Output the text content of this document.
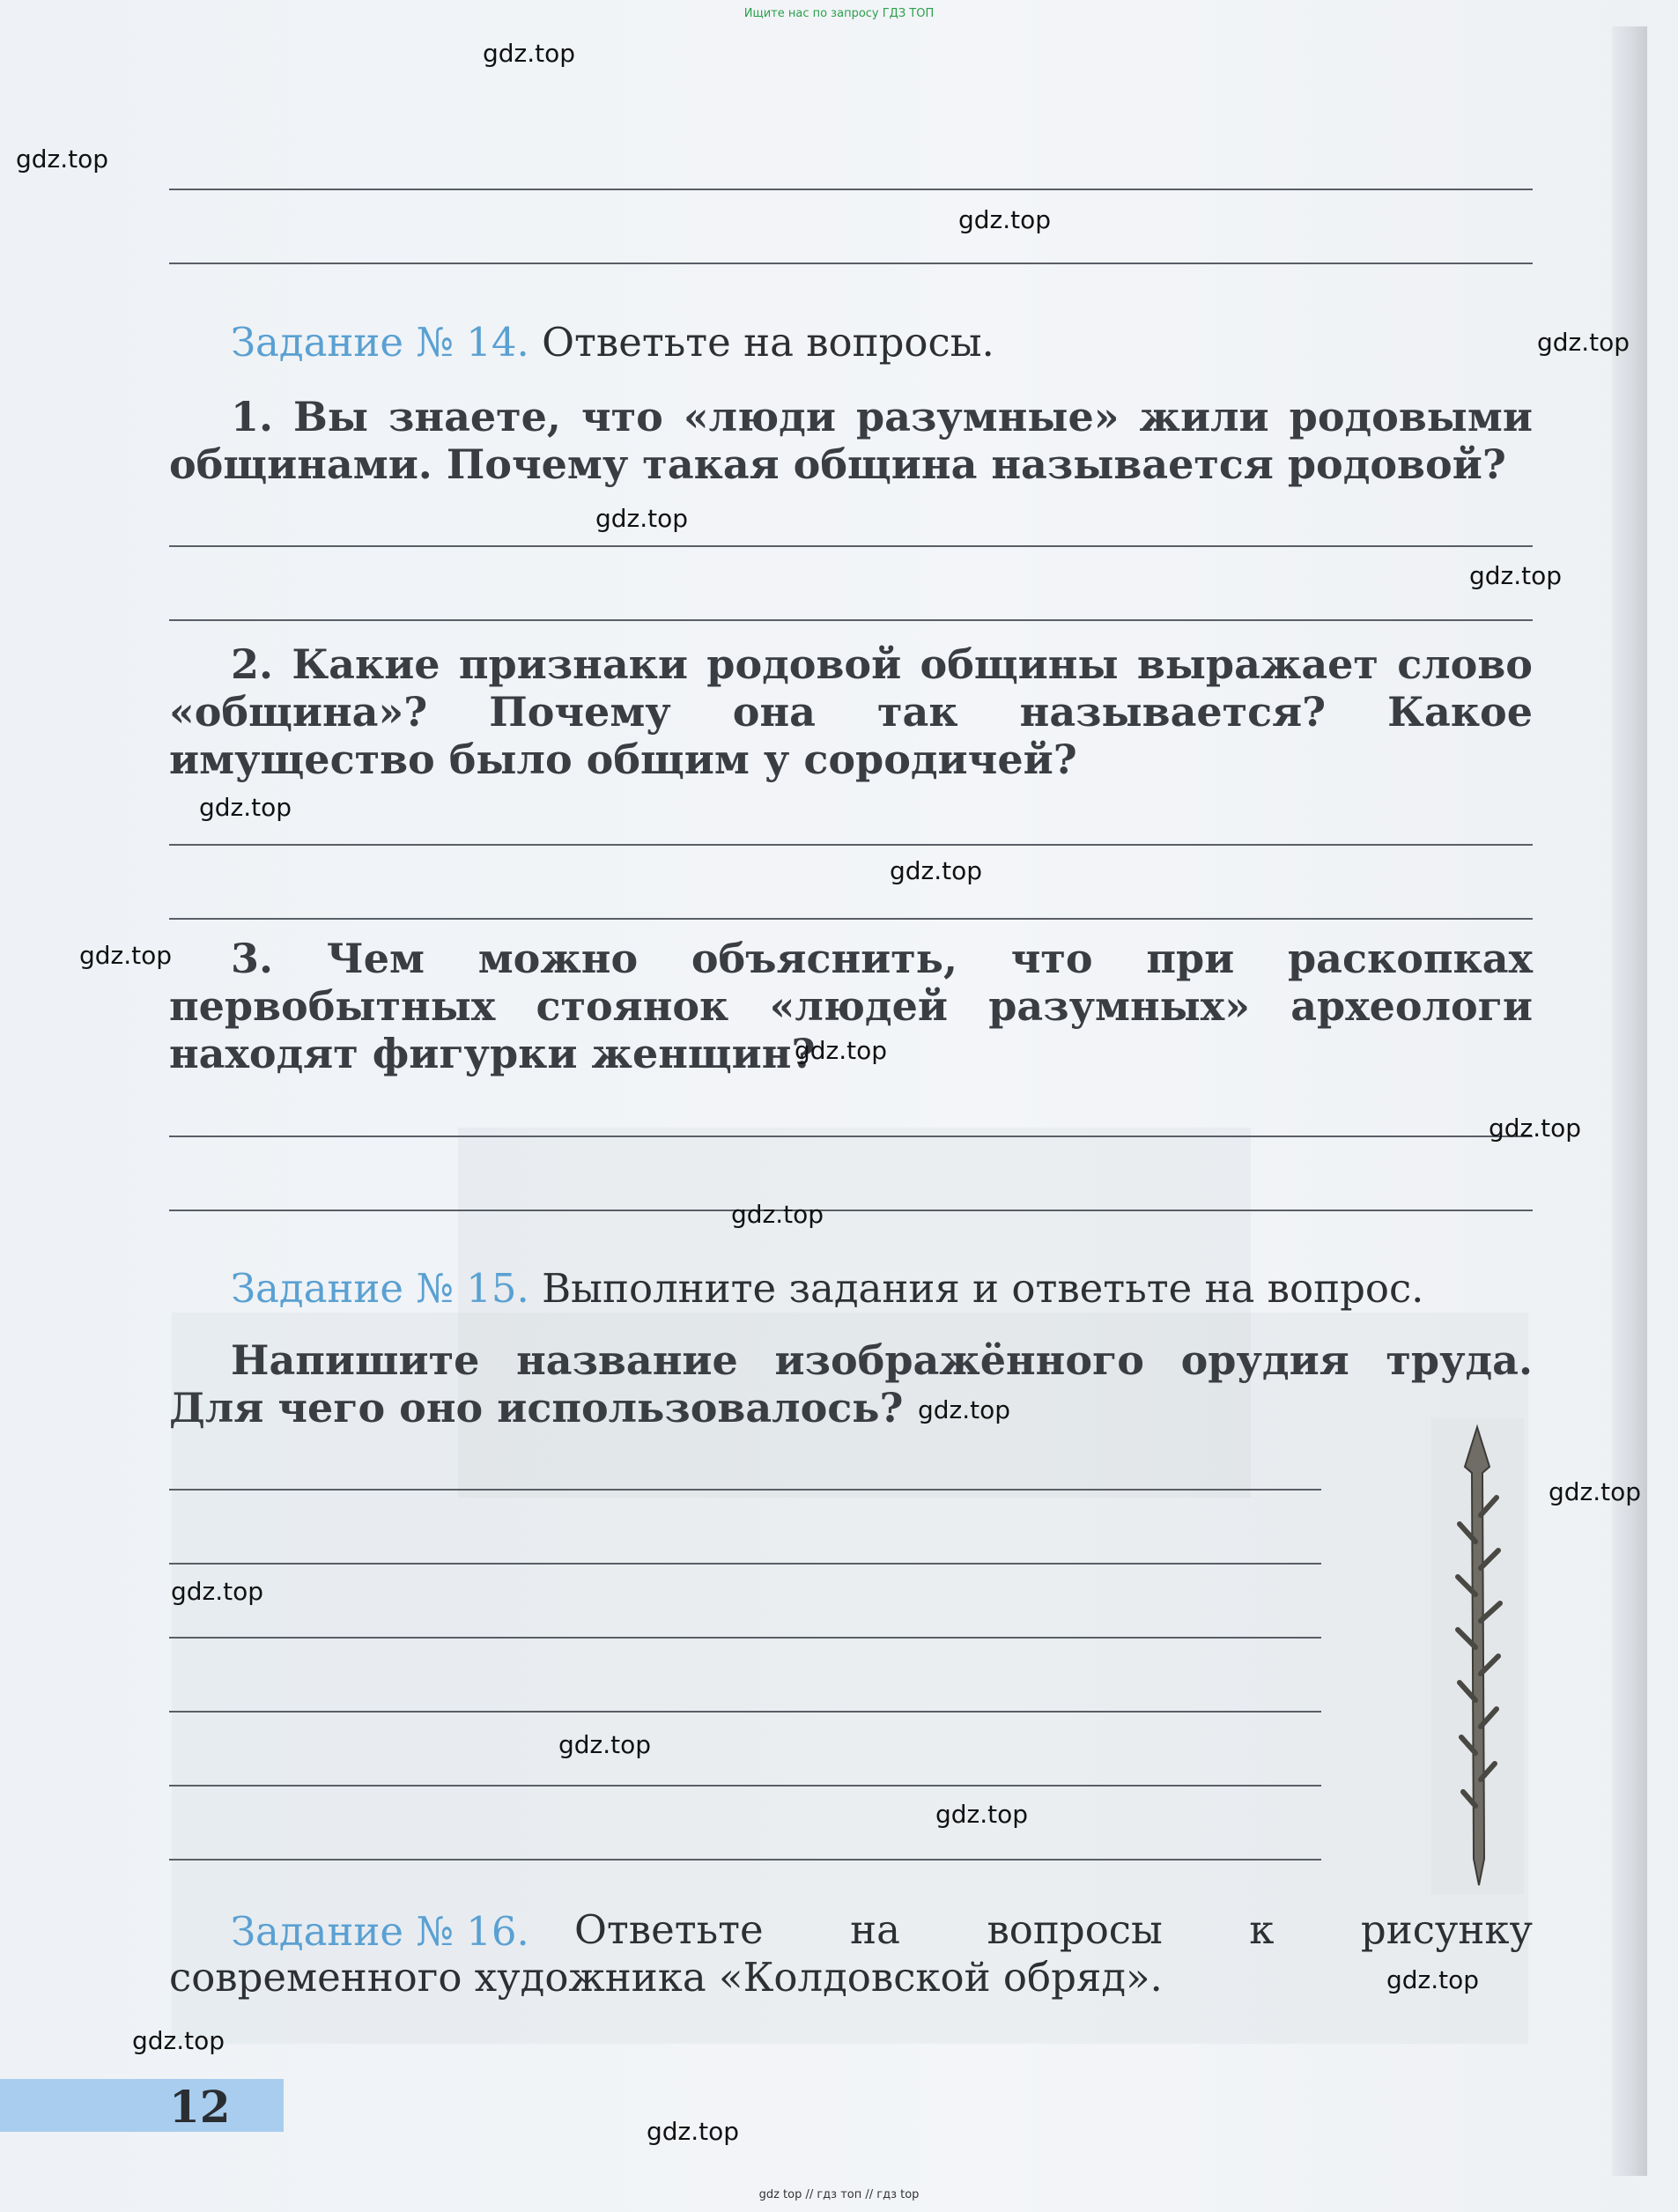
Задание № 14. Ответьте на вопросы.
1. Вы знаете, что «люди разумные» жили родовыми общинами. Почему такая община называется родовой?
2. Какие признаки родовой общины выражает слово «община»? Почему она так называется? Какое имущество было общим у сородичей?
3. Чем можно объяснить, что при раскопках первобытных стоянок «людей разумных» археологи находят фигурки женщин?
Задание № 15. Выполните задания и ответьте на вопрос.
Напишите название изображённого орудия труда. Для чего оно использовалось?
Задание № 16.	Ответьте на вопросы к рисунку современного художника «Колдовской обряд».
12
Ищите нас по запросу ГДЗ ТОП
gdz top // гдз топ // гдз top
gdz.top
gdz.top
gdz.top
gdz.top
gdz.top
gdz.top
gdz.top
gdz.top
gdz.top
gdz.top
gdz.top
gdz.top
gdz.top
gdz.top
gdz.top
gdz.top
gdz.top
gdz.top
gdz.top
gdz.top
